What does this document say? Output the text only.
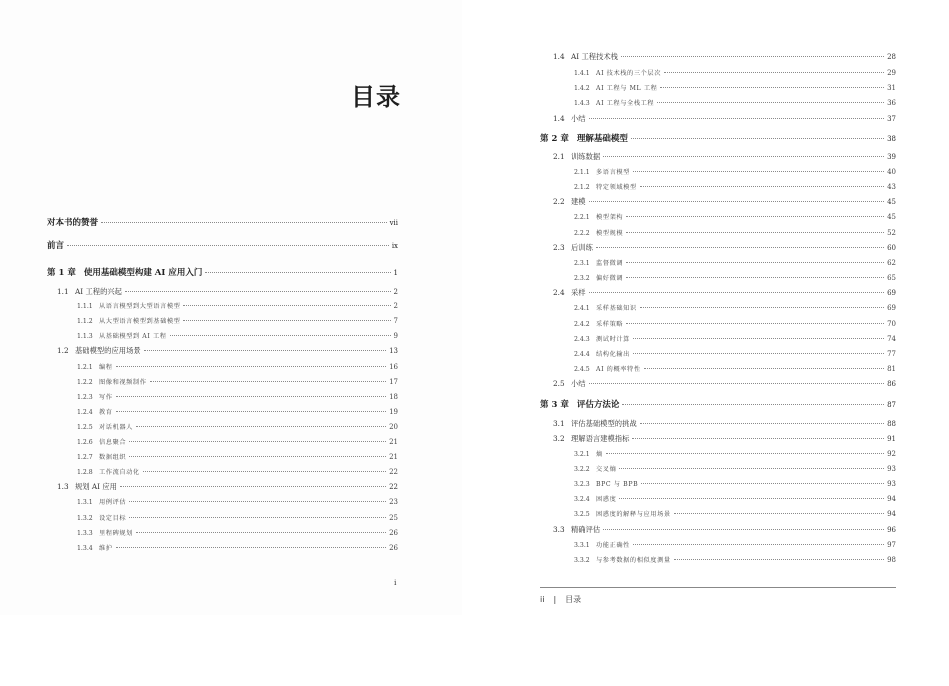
目录
对本书的赞誉	vii
前言	ix
第 1 章 使用基础模型构建 AI 应用入门	1
1.1 AI 工程的兴起	2
1.1.1	从语言模型到大型语言模型	2
1.1.2	从大型语言模型到基础模型	7
1.1.3	从基础模型到 AI 工程	9
1.2 基础模型的应用场景	13
1.2.1	编程	16
1.2.2	图像和视频制作	17
1.2.3	写作	18
1.2.4	教育	19
1.2.5	对话机器人	20
1.2.6	信息聚合	21
1.2.7	数据组织	21
1.2.8	工作流自动化	22
1.3 规划 AI 应用	22
1.3.1	用例评估	23
1.3.2	设定目标	25
1.3.3	里程碑规划	26
1.3.4	维护	26
i
1.4 AI 工程技术栈	28
1.4.1	AI 技术栈的三个层次	29
1.4.2	AI 工程与 ML 工程	31
1.4.3	AI 工程与全栈工程	36
1.4 小结	37
第 2 章 理解基础模型	38
2.1 训练数据	39
2.1.1	多语言模型	40
2.1.2	特定领域模型	43
2.2 建模	45
2.2.1	模型架构	45
2.2.2	模型规模	52
2.3 后训练	60
2.3.1	监督微调	62
2.3.2	偏好微调	65
2.4 采样	69
2.4.1	采样基础知识	69
2.4.2	采样策略	70
2.4.3	测试时计算	74
2.4.4	结构化输出	77
2.4.5	AI 的概率特性	81
2.5 小结	86
第 3 章 评估方法论	87
3.1 评估基础模型的挑战	88
3.2 理解语言建模指标	91
3.2.1	熵	92
3.2.2	交叉熵	93
3.2.3	BPC 与 BPB	93
3.2.4	困惑度	94
3.2.5	困惑度的解释与应用场景	94
3.3 精确评估	96
3.3.1	功能正确性	97
3.3.2	与参考数据的相似度测量	98
ii | 目录
